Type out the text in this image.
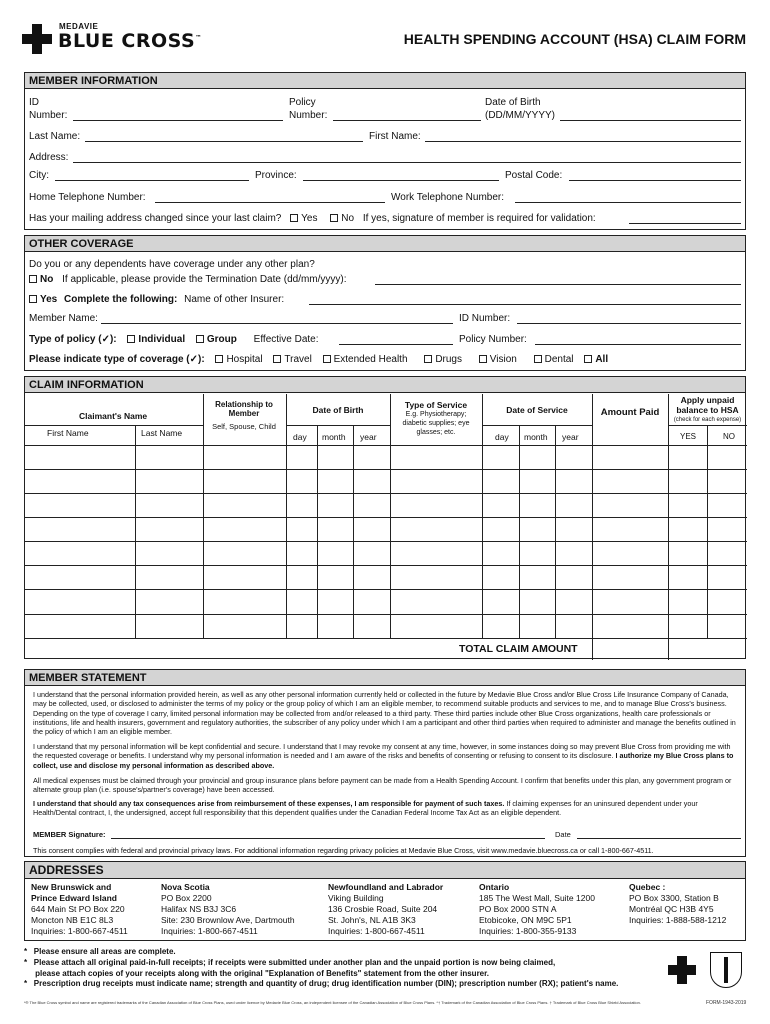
MEDAVIE
BLUE CROSS™	HEALTH SPENDING ACCOUNT (HSA) CLAIM FORM
MEMBER INFORMATION
ID
Number:
Policy
Number:
Date of Birth
(DD/MM/YYYY)
Last Name:	First Name:
Address:
City:	Province:	Postal Code:
Home Telephone Number:	Work Telephone Number:
Has your mailing address changed since your last claim? Yes No If yes, signature of member is required for validation:
OTHER COVERAGE
Do you or any dependents have coverage under any other plan?
No If applicable, please provide the Termination Date (dd/mm/yyyy):
Yes Complete the following: Name of other Insurer:
Member Name:	ID Number:
Type of policy (✓): Individual Group Effective Date:	Policy Number:
Please indicate type of coverage (✓): Hospital Travel Extended Health	Drugs	Vision	Dental All
CLAIM INFORMATION
Claimant's Name
First Name	Last Name
Relationship to Member
Self, Spouse, Child
Date of Birth
day month year
Type of Service
E.g. Physiotherapy; diabetic supplies; eye glasses; etc.
Date of Service
day month year
Amount Paid
Apply unpaid balance to HSA
(check for each expense)
YES	NO
TOTAL CLAIM AMOUNT
MEMBER STATEMENT
I understand that the personal information provided herein, as well as any other personal information currently held or collected in the future by Medavie Blue Cross and/or Blue Cross Life Insurance Company of Canada, may be collected, used, or disclosed to administer the terms of my policy or the group policy of which I am an eligible member, to recommend suitable products and services to me, and to manage Blue Cross's business. Depending on the type of coverage I carry, limited personal information may be collected from and/or released to a third party. These third parties include other Blue Cross organizations, health care professionals or institutions, life and health insurers, government and regulatory authorities, the subscriber of any policy under which I am a participant and other third parties when required to administer and manage the benefits outlined in the policy of which I am an eligible member.
I understand that my personal information will be kept confidential and secure. I understand that I may revoke my consent at any time, however, in some instances doing so may prevent Blue Cross from providing me with the requested coverage or benefits. I understand why my personal information is needed and I am aware of the risks and benefits of consenting or refusing to consent to its disclosure. I authorize my Blue Cross plans to collect, use and disclose my personal information as described above.
All medical expenses must be claimed through your provincial and group insurance plans before payment can be made from a Health Spending Account. I confirm that benefits under this plan, any government program or alternate group plan (i.e. spouse's/partner's coverage) have been accessed.
I understand that should any tax consequences arise from reimbursement of these expenses, I am responsible for payment of such taxes. If claiming expenses for an uninsured dependent under your Health/Dental contract, I, the undersigned, accept full responsibility that this dependent qualifies under the Canadian Federal Income Tax Act as an eligible dependent.
MEMBER Signature:	Date
This consent complies with federal and provincial privacy laws. For additional information regarding privacy policies at Medavie Blue Cross, visit www.medavie.bluecross.ca or call 1-800-667-4511.
ADDRESSES
New Brunswick and
Prince Edward Island
644 Main St PO Box 220
Moncton NB E1C 8L3
Inquiries: 1-800-667-4511
Nova Scotia
PO Box 2200
Halifax NS B3J 3C6
Site: 230 Brownlow Ave, Dartmouth
Inquiries: 1-800-667-4511
Newfoundland and Labrador
Viking Building
136 Crosbie Road, Suite 204
St. John's, NL A1B 3K3
Inquiries: 1-800-667-4511
Ontario
185 The West Mall, Suite 1200
PO Box 2000 STN A
Etobicoke, ON M9C 5P1
Inquiries: 1-800-355-9133
Quebec :
PO Box 3300, Station B
Montréal QC H3B 4Y5
Inquiries: 1-888-588-1212
*   Please ensure all areas are complete.
*   Please attach all original paid-in-full receipts; if receipts were submitted under another plan and the unpaid portion is now being claimed,
please attach copies of your receipts along with the original "Explanation of Benefits" statement from the other insurer.
*   Prescription drug receipts must indicate name; strength and quantity of drug; drug identification number (DIN); prescription number (RX); patient's name.
*® The Blue Cross symbol and name are registered trademarks of the Canadian Association of Blue Cross Plans, used under licence by Medavie Blue Cross, an independent licensee of the Canadian Association of Blue Cross Plans. *† Trademark of the Canadian Association of Blue Cross Plans. † Trademark of Blue Cross Blue Shield Association.	FORM-1943-2019
